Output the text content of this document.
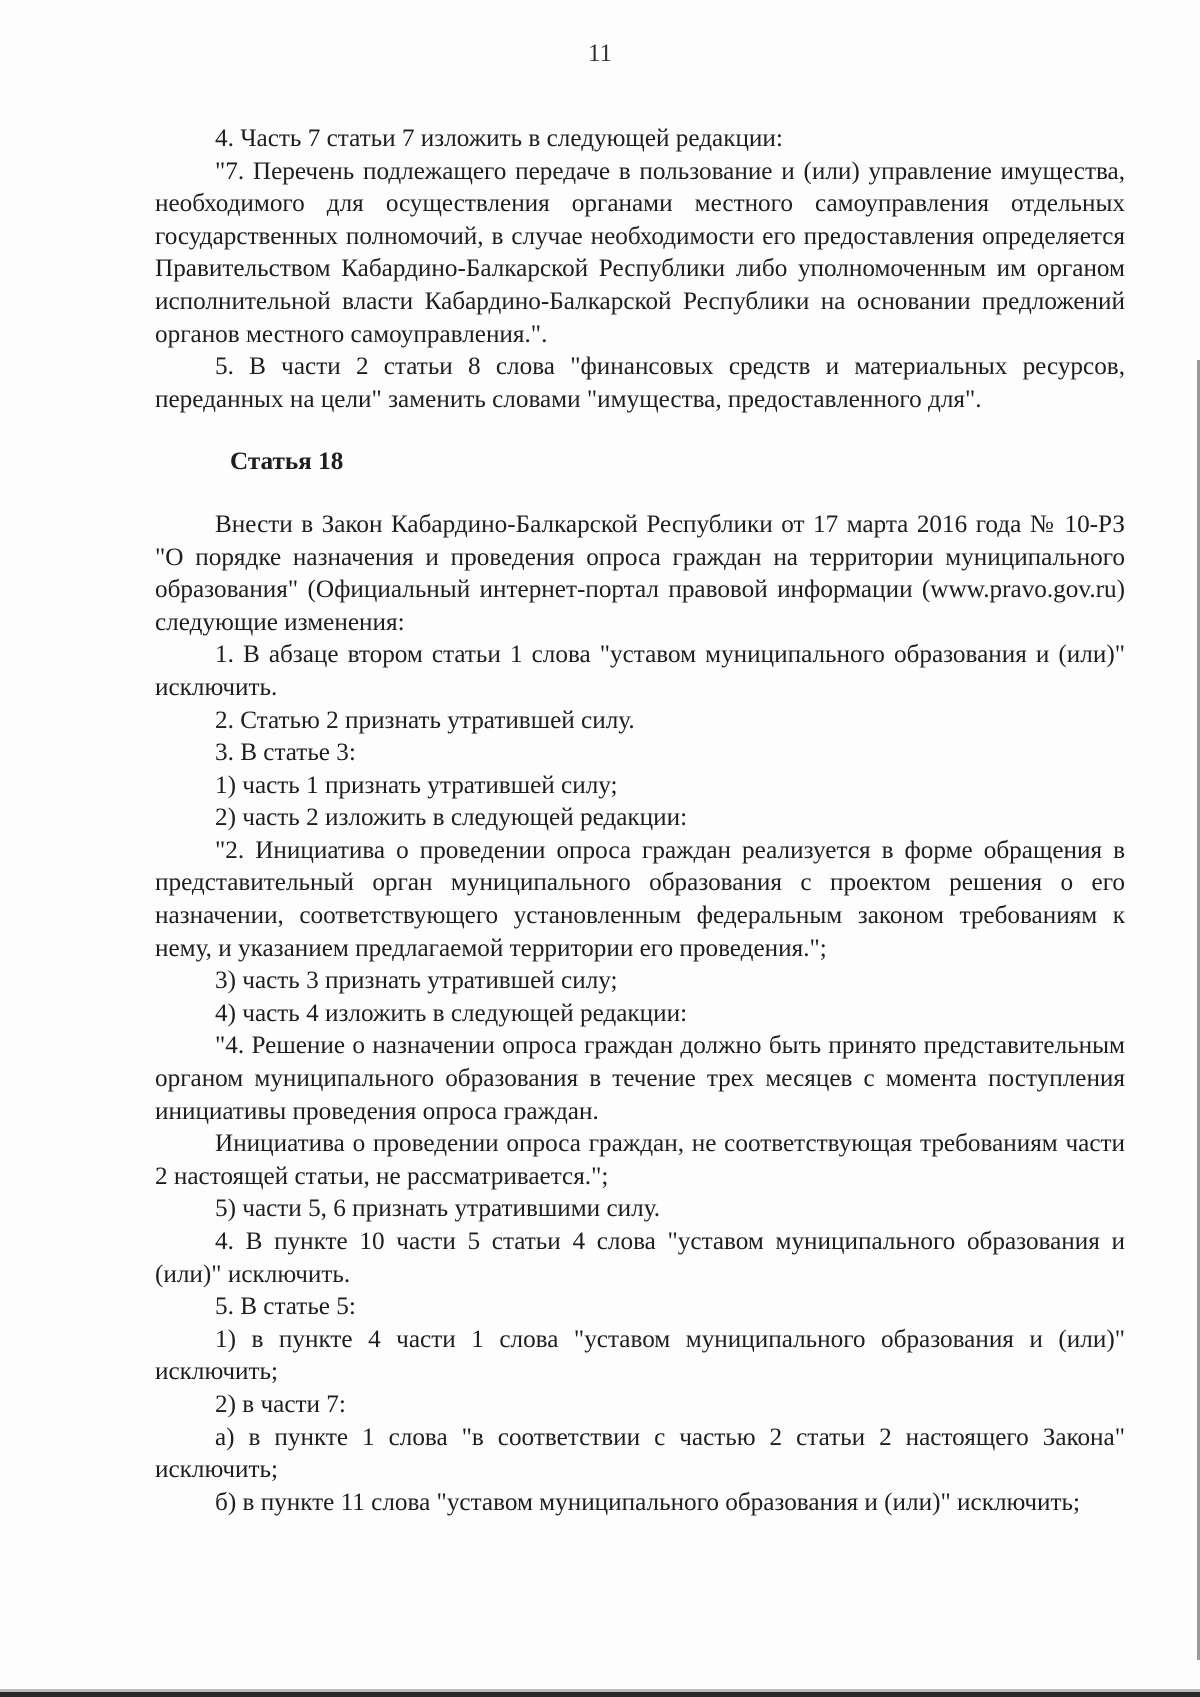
11

4. Часть 7 статьи 7 изложить в следующей редакции:

"7. Перечень подлежащего передаче в пользование и (или) управление имущества, необходимого для осуществления органами местного самоуправления отдельных государственных полномочий, в случае необходимости его предоставления определяется Правительством Кабардино-Балкарской Республики либо уполномоченным им органом исполнительной власти Кабардино-Балкарской Республики на основании предложений органов местного самоуправления.".

5. В части 2 статьи 8 слова "финансовых средств и материальных ресурсов, переданных на цели" заменить словами "имущества, предоставленного для".

Статья 18

Внести в Закон Кабардино-Балкарской Республики от 17 марта 2016 года № 10-РЗ "О порядке назначения и проведения опроса граждан на территории муниципального образования" (Официальный интернет-портал правовой информации (www.pravo.gov.ru) следующие изменения:

1. В абзаце втором статьи 1 слова "уставом муниципального образования и (или)" исключить.

2. Статью 2 признать утратившей силу.

3. В статье 3:

1) часть 1 признать утратившей силу;

2) часть 2 изложить в следующей редакции:

"2. Инициатива о проведении опроса граждан реализуется в форме обращения в представительный орган муниципального образования с проектом решения о его назначении, соответствующего установленным федеральным законом требованиям к нему, и указанием предлагаемой территории его проведения.";

3) часть 3 признать утратившей силу;

4) часть 4 изложить в следующей редакции:

"4. Решение о назначении опроса граждан должно быть принято представительным органом муниципального образования в течение трех месяцев с момента поступления инициативы проведения опроса граждан.

Инициатива о проведении опроса граждан, не соответствующая требованиям части 2 настоящей статьи, не рассматривается.";

5) части 5, 6 признать утратившими силу.

4. В пункте 10 части 5 статьи 4 слова "уставом муниципального образования и (или)" исключить.

5. В статье 5:

1) в пункте 4 части 1 слова "уставом муниципального образования и (или)" исключить;

2) в части 7:

а) в пункте 1 слова "в соответствии с частью 2 статьи 2 настоящего Закона" исключить;

б) в пункте 11 слова "уставом муниципального образования и (или)" исключить;
